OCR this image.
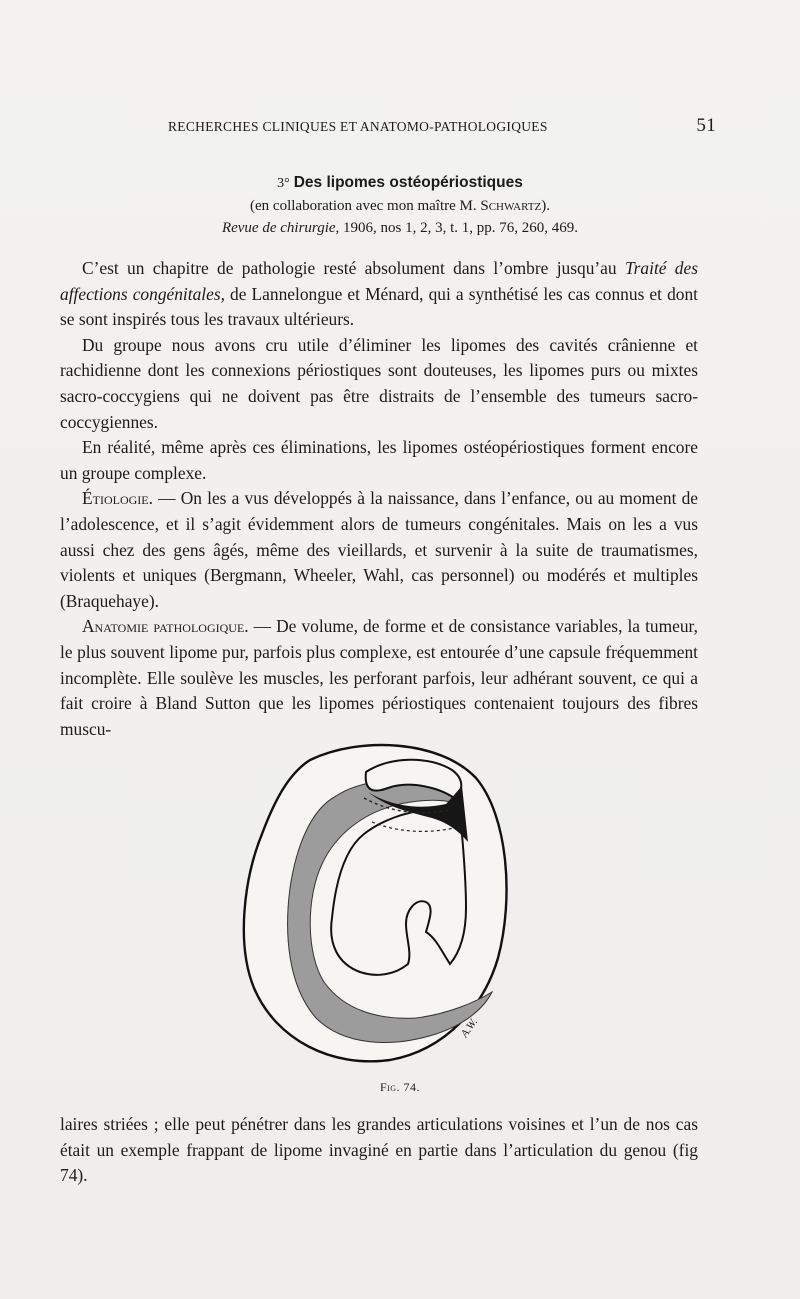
RECHERCHES CLINIQUES ET ANATOMO-PATHOLOGIQUES	51
3° Des lipomes ostéopériostiques
(en collaboration avec mon maître M. Schwartz).
Revue de chirurgie, 1906, nos 1, 2, 3, t. 1, pp. 76, 260, 469.

C’est un chapitre de pathologie resté absolument dans l’ombre jusqu’au Traité des affections congénitales, de Lannelongue et Ménard, qui a synthétisé les cas connus et dont se sont inspirés tous les travaux ultérieurs.

Du groupe nous avons cru utile d’éliminer les lipomes des cavités crânienne et rachidienne dont les connexions périostiques sont douteuses, les lipomes purs ou mixtes sacro-coccygiens qui ne doivent pas être distraits de l’ensemble des tumeurs sacro-coccygiennes.

En réalité, même après ces éliminations, les lipomes ostéopériostiques forment encore un groupe complexe.

Étiologie. — On les a vus développés à la naissance, dans l’enfance, ou au moment de l’adolescence, et il s’agit évidemment alors de tumeurs congénitales. Mais on les a vus aussi chez des gens âgés, même des vieillards, et survenir à la suite de traumatismes, violents et uniques (Bergmann, Wheeler, Wahl, cas personnel) ou modérés et multiples (Braquehaye).

Anatomie pathologique. — De volume, de forme et de consistance variables, la tumeur, le plus souvent lipome pur, parfois plus complexe, est entourée d’une capsule fréquemment incomplète. Elle soulève les muscles, les perforant parfois, leur adhérant souvent, ce qui a fait croire à Bland Sutton que les lipomes périostiques contenaient toujours des fibres muscu-

A.W.
Fig. 74.

laires striées ; elle peut pénétrer dans les grandes articulations voisines et l’un de nos cas était un exemple frappant de lipome invaginé en partie dans l’articulation du genou (fig 74).
